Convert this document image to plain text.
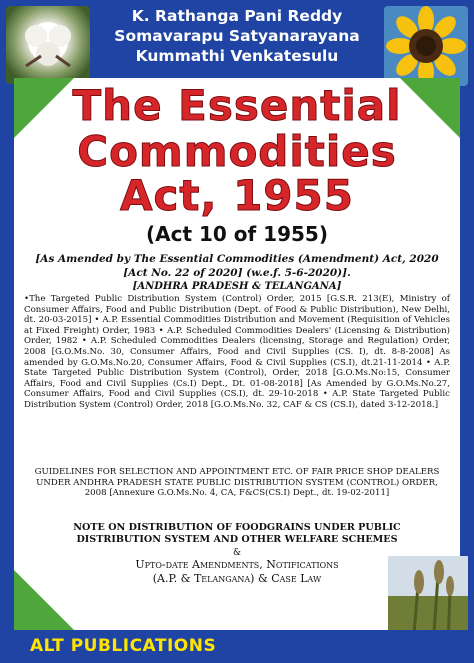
K. Rathanga Pani Reddy
Somavarapu Satyanarayana
Kummathi Venkatesulu
The Essential
Commodities
Act, 1955
(Act 10 of 1955)
[As Amended by The Essential Commodities (Amendment) Act, 2020
[Act No. 22 of 2020] (w.e.f. 5-6-2020)].
[ANDHRA PRADESH & TELANGANA]
•The Targeted Public Distribution System (Control) Order, 2015 [G.S.R. 213(E), Ministry of Consumer Affairs, Food and Public Distribution (Dept. of Food & Public Distribution), New Delhi, dt. 20-03-2015] • A.P. Essential Commodities Distribution and Movement (Requisition of Vehicles at Fixed Freight) Order, 1983 • A.P. Scheduled Commodities Dealers' (Licensing & Distribution) Order, 1982 • A.P. Scheduled Commodities Dealers (licensing, Storage and Regulation) Order, 2008 [G.O.Ms.No. 30, Consumer Affairs, Food and Civil Supplies (CS. I), dt. 8-8-2008] As amended by G.O.Ms.No.20, Consumer Affairs, Food & Civil Supplies (CS.I), dt.21-11-2014 • A.P. State Targeted Public Distribution System (Control), Order, 2018 [G.O.Ms.No:15, Consumer Affairs, Food and Civil Supplies (Cs.I) Dept., Dt. 01-08-2018] [As Amended by G.O.Ms.No.27, Consumer Affairs, Food and Civil Supplies (CS.I), dt. 29-10-2018 • A.P. State Targeted Public Distribution System (Control) Order, 2018 [G.O.Ms.No. 32, CAF & CS (CS.I), dated 3-12-2018.]
GUIDELINES FOR SELECTION AND APPOINTMENT ETC. OF FAIR PRICE SHOP DEALERS UNDER ANDHRA PRADESH STATE PUBLIC DISTRIBUTION SYSTEM (CONTROL) ORDER, 2008 [Annexure G.O.Ms.No. 4, CA, F&CS(CS.I) Dept., dt. 19-02-2011]
NOTE ON DISTRIBUTION OF FOODGRAINS UNDER PUBLIC
DISTRIBUTION SYSTEM AND OTHER WELFARE SCHEMES
&
Upto-date Amendments, Notifications
(A.P. & Telangana) & Case Law
ALT PUBLICATIONS
